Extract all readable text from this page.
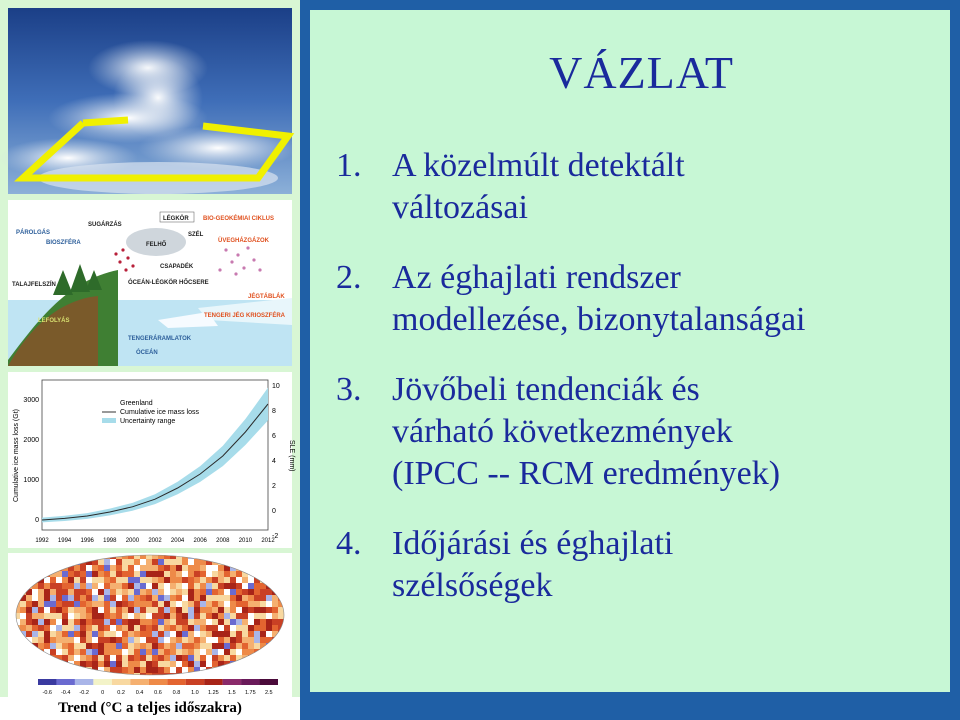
LÉGKÖR BIO-GEOKÉMIAI CIKLUS
PÁROLGÁS
SUGÁRZÁS
BIOSZFÉRA	FELHŐ
SZÉL
ÜVEGHÁZGÁZOK
CSAPADÉK
TALAJFELSZÍN	ÓCEÁN-LÉGKÖR HŐCSERE
JÉGTÁBLÁK
LEFOLYÁS
TENGERI JÉG KRIOSZFÉRA
TENGERÁRAMLATOK
ÓCEÁN
3000
2000
1000
0
10
8
6
4
2
0
-2
1992 1994 1996 1998 2000 2002 2004 2006 2008 2010 2012
Greenland
Cumulative ice mass loss
Uncertainty range
Cumulative ice mass loss (Gt)	SLE (mm)
-0.6 -0.4 -0.2 0 0.2 0.4 0.6 0.8 1.0 1.25 1.5 1.75 2.5
Trend (°C a teljes időszakra)
VÁZLAT
1. A közelmúlt detektált
változásai
2. Az éghajlati rendszer
modellezése, bizonytalanságai
3. Jövőbeli tendenciák és
várható következmények
(IPCC -- RCM eredmények)
4. Időjárási és éghajlati
szélsőségek
